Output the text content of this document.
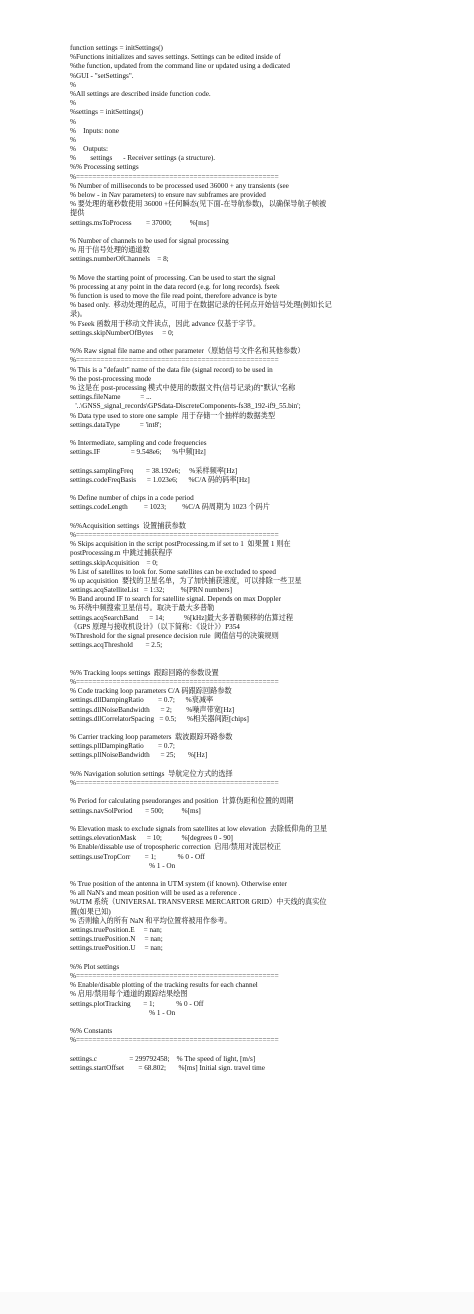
function settings = initSettings()
%Functions initializes and saves settings. Settings can be edited inside of
%the function, updated from the command line or updated using a dedicated
%GUI - "setSettings".
%
%All settings are described inside function code.
%
%settings = initSettings()
%
%    Inputs: none
%
%    Outputs:
%        settings      - Receiver settings (a structure).
%% Processing settings
%==================================================
% Number of milliseconds to be processed used 36000 + any transients (see
% below - in Nav parameters) to ensure nav subframes are provided
% 要处理的毫秒数使用 36000 +任何瞬态(见下面-在导航参数)，以确保导航子帧被
提供
settings.msToProcess        = 37000;          %[ms]
% Number of channels to be used for signal processing
% 用于信号处理的通道数
settings.numberOfChannels    = 8;
% Move the starting point of processing. Can be used to start the signal
% processing at any point in the data record (e.g. for long records). fseek
% function is used to move the file read point, therefore advance is byte
% based only.  移动处理的起点，可用于在数据记录的任何点开始信号处理(例如长记
录)。
% Fseek 函数用于移动文件读点，因此 advance 仅基于字节。
settings.skipNumberOfBytes     = 0;
%% Raw signal file name and other parameter（原始信号文件名和其他参数）
%==================================================
% This is a "default" name of the data file (signal record) to be used in
% the post-processing mode
% 这是在 post-processing 模式中使用的数据文件(信号记录)的"默认"名称
settings.fileName           = ...
'..\GNSS_signal_records\GPSdata-DiscreteComponents-fs38_192-if9_55.bin';
% Data type used to store one sample  用于存储一个抽样的数据类型
settings.dataType           = 'int8';
% Intermediate, sampling and code frequencies
settings.IF                 = 9.548e6;      %中频[Hz]
settings.samplingFreq       = 38.192e6;     %采样频率[Hz]
settings.codeFreqBasis      = 1.023e6;      %C/A 码的码率[Hz]
% Define number of chips in a code period
settings.codeLength         = 1023;         %C/A 码周期为 1023 个码片
%%Acquisition settings  设置捕获参数
%==================================================
% Skips acquisition in the script postProcessing.m if set to 1  如果置 1 则在
postProcessing.m 中跳过捕获程序
settings.skipAcquisition    = 0;
% List of satellites to look for. Some satellites can be excluded to speed
% up acquisition  要找的卫星名单，为了加快捕获速度，可以排除一些卫星
settings.acqSatelliteList   = 1:32;         %[PRN numbers]
% Band around IF to search for satellite signal. Depends on max Doppler
% 环绕中频搜索卫星信号。取决于最大多普勒
settings.acqSearchBand      = 14;           %[kHz]最大多普勒频移的估算过程
《GPS 原理与接收机设计》（以下简称：《设计》）P354
%Threshold for the signal presence decision rule  阈值信号的决策规则
settings.acqThreshold       = 2.5;
%% Tracking loops settings  跟踪回路的参数设置
%==================================================
% Code tracking loop parameters C/A 码跟踪回路参数
settings.dllDampingRatio        = 0.7;      %衰减率
settings.dllNoiseBandwidth      = 2;        %噪声带宽[Hz]
settings.dllCorrelatorSpacing   = 0.5;      %相关器间距[chips]
% Carrier tracking loop parameters  载波跟踪环路参数
settings.pllDampingRatio        = 0.7;
settings.pllNoiseBandwidth      = 25;       %[Hz]
%% Navigation solution settings  导航定位方式的选择
%==================================================
% Period for calculating pseudoranges and position  计算伪距和位置的周期
settings.navSolPeriod       = 500;          %[ms]
% Elevation mask to exclude signals from satellites at low elevation  去除低仰角的卫星
settings.elevationMask      = 10;           %[degrees 0 - 90]
% Enable/dissable use of tropospheric correction  启用/禁用对流层校正
settings.useTropCorr        = 1;            % 0 - Off
% 1 - On
% True position of the antenna in UTM system (if known). Otherwise enter
% all NaN's and mean position will be used as a reference .
%UTM 系统（UNIVERSAL TRANSVERSE MERCARTOR GRID）中天线的真实位
置(如果已知)
% 否则输入的所有 NaN 和平均位置将被用作参考。
settings.truePosition.E     = nan;
settings.truePosition.N     = nan;
settings.truePosition.U     = nan;
%% Plot settings
%==================================================
% Enable/disable plotting of the tracking results for each channel
% 启用/禁用每个通道的跟踪结果绘图
settings.plotTracking       = 1;            % 0 - Off
% 1 - On
%% Constants
%==================================================
settings.c                  = 299792458;    % The speed of light, [m/s]
settings.startOffset        = 68.802;       %[ms] Initial sign. travel time
